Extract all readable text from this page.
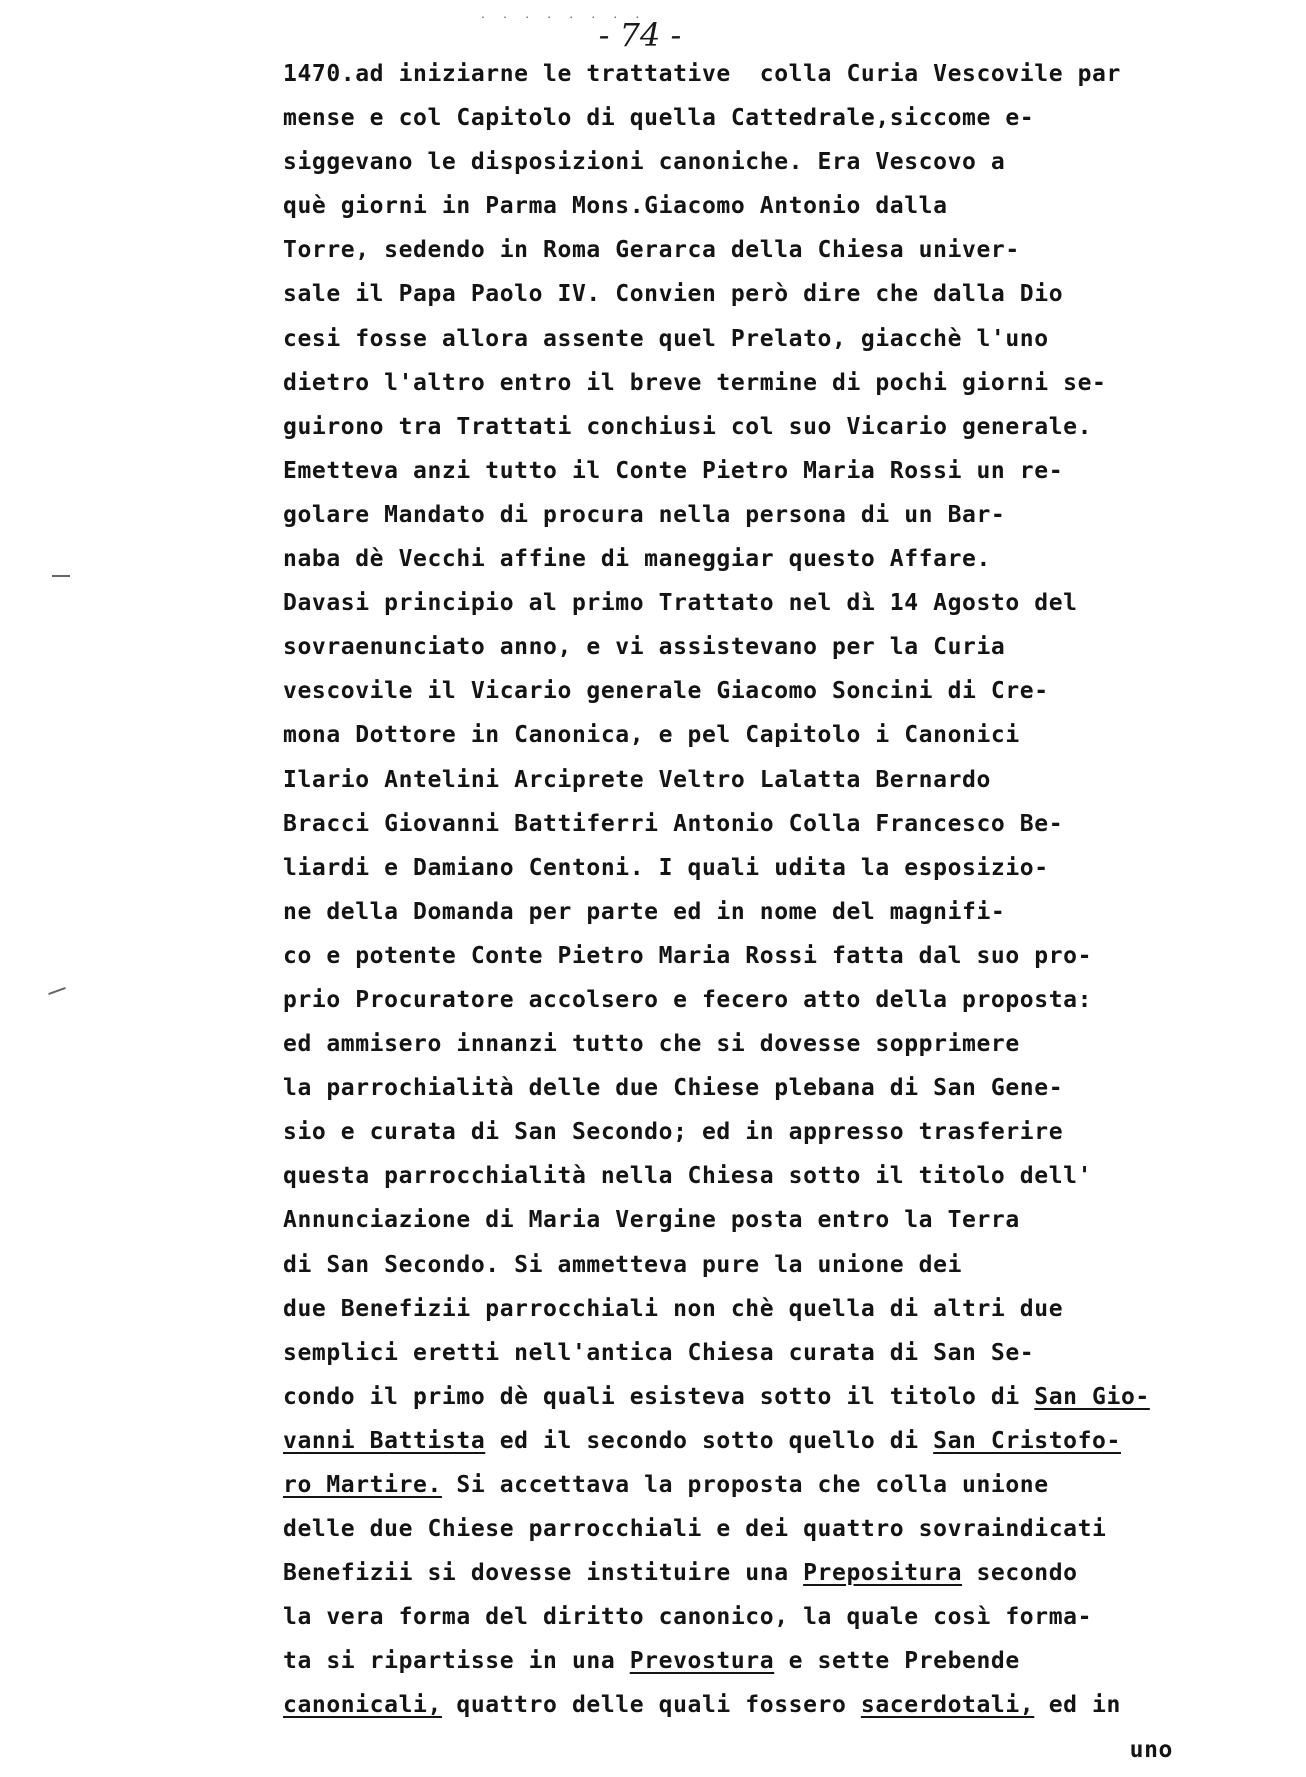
. . . . . . . .
- 74 -
1470.ad iniziarne le trattative  colla Curia Vescovile par
mense e col Capitolo di quella Cattedrale,siccome e-
siggevano le disposizioni canoniche. Era Vescovo a
què giorni in Parma Mons.Giacomo Antonio dalla
Torre, sedendo in Roma Gerarca della Chiesa univer-
sale il Papa Paolo IV. Convien però dire che dalla Dio
cesi fosse allora assente quel Prelato, giacchè l'uno
dietro l'altro entro il breve termine di pochi giorni se-
guirono tra Trattati conchiusi col suo Vicario generale.
Emetteva anzi tutto il Conte Pietro Maria Rossi un re-
golare Mandato di procura nella persona di un Bar-
naba dè Vecchi affine di maneggiar questo Affare.
Davasi principio al primo Trattato nel dì 14 Agosto del
sovraenunciato anno, e vi assistevano per la Curia
vescovile il Vicario generale Giacomo Soncini di Cre-
mona Dottore in Canonica, e pel Capitolo i Canonici
Ilario Antelini Arciprete Veltro Lalatta Bernardo
Bracci Giovanni Battiferri Antonio Colla Francesco Be-
liardi e Damiano Centoni. I quali udita la esposizio-
ne della Domanda per parte ed in nome del magnifi-
co e potente Conte Pietro Maria Rossi fatta dal suo pro-
prio Procuratore accolsero e fecero atto della proposta:
ed ammisero innanzi tutto che si dovesse sopprimere
la parrochialità delle due Chiese plebana di San Gene-
sio e curata di San Secondo; ed in appresso trasferire
questa parrocchialità nella Chiesa sotto il titolo dell'
Annunciazione di Maria Vergine posta entro la Terra
di San Secondo. Si ammetteva pure la unione dei
due Benefizii parrocchiali non chè quella di altri due
semplici eretti nell'antica Chiesa curata di San Se-
condo il primo dè quali esisteva sotto il titolo di San Gio-
vanni Battista ed il secondo sotto quello di San Cristofo-
ro Martire. Si accettava la proposta che colla unione
delle due Chiese parrocchiali e dei quattro sovraindicati
Benefizii si dovesse instituire una Prepositura secondo
la vera forma del diritto canonico, la quale così forma-
ta si ripartisse in una Prevostura e sette Prebende
canonicali, quattro delle quali fossero sacerdotali, ed in
uno
